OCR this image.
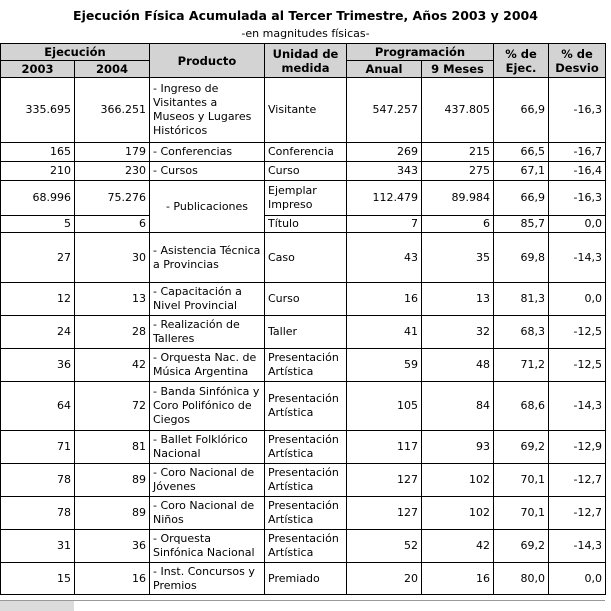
Ejecución Física Acumulada al Tercer Trimestre, Años 2003 y 2004
-en magnitudes físicas-
Ejecución		Producto	Unidad de medida	Programación		% de Ejec.	% de Desvio
2003	2004			Anual	9 Meses		
335.695	366.251	- Ingreso de Visitantes a Museos y Lugares Históricos	Visitante	547.257	437.805	66,9	-16,3
165	179	- Conferencias	Conferencia	269	215	66,5	-16,7
210	230	- Cursos	Curso	343	275	67,1	-16,4
68.996	75.276	- Publicaciones	Ejemplar Impreso	112.479	89.984	66,9	-16,3
5	6		Título	7	6	85,7	0,0
27	30	- Asistencia Técnica a Provincias	Caso	43	35	69,8	-14,3
12	13	- Capacitación a Nivel Provincial	Curso	16	13	81,3	0,0
24	28	- Realización de Talleres	Taller	41	32	68,3	-12,5
36	42	- Orquesta Nac. de Música Argentina	Presentación Artística	59	48	71,2	-12,5
64	72	- Banda Sinfónica y Coro Polifónico de Ciegos	Presentación Artística	105	84	68,6	-14,3
71	81	- Ballet Folklórico Nacional	Presentación Artística	117	93	69,2	-12,9
78	89	- Coro Nacional de Jóvenes	Presentación Artística	127	102	70,1	-12,7
78	89	- Coro Nacional de Niños	Presentación Artística	127	102	70,1	-12,7
31	36	- Orquesta Sinfónica Nacional	Presentación Artística	52	42	69,2	-14,3
15	16	- Inst. Concursos y Premios	Premiado	20	16	80,0	0,0
